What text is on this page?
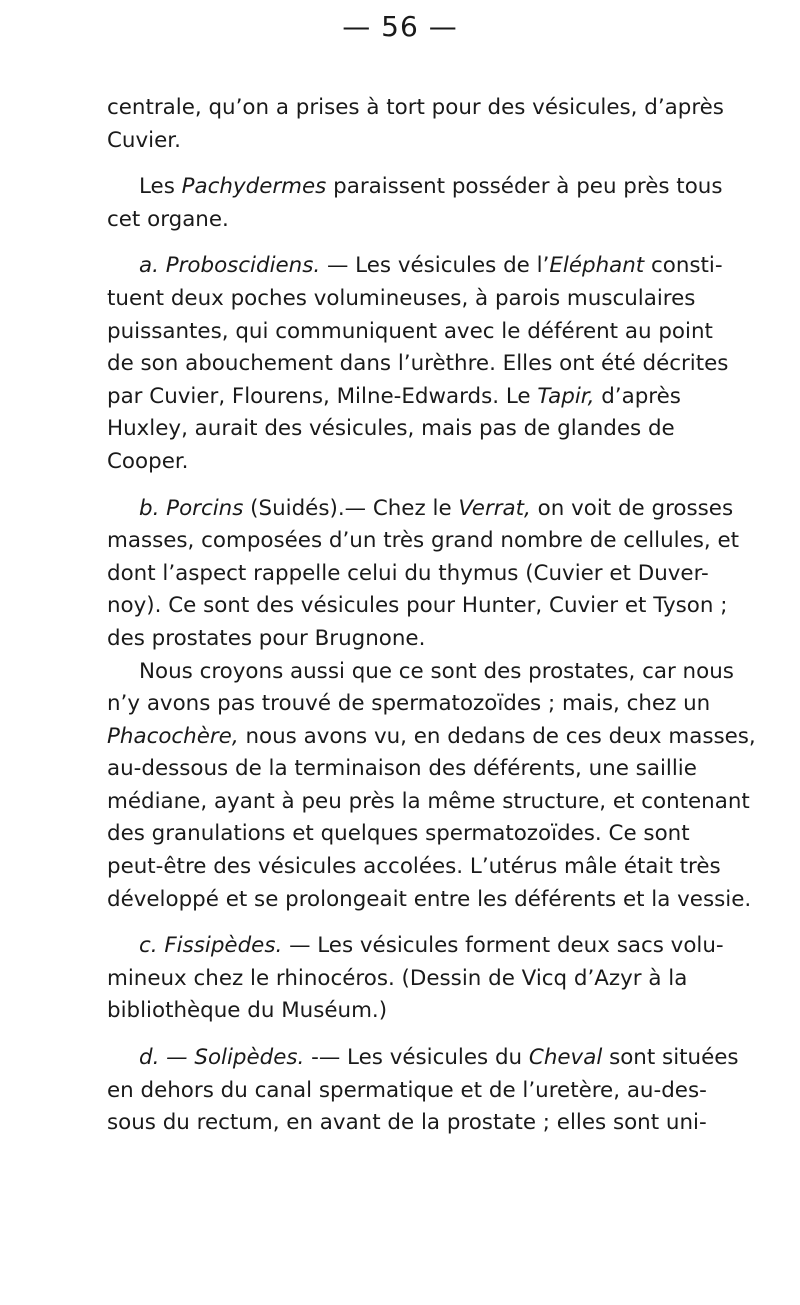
— 56 —
centrale, qu’on a prises à tort pour des vésicules, d’après
Cuvier.
Les Pachydermes paraissent posséder à peu près tous
cet organe.
a. Proboscidiens. — Les vésicules de l’Eléphant consti-
tuent deux poches volumineuses, à parois musculaires
puissantes, qui communiquent avec le déférent au point
de son abouchement dans l’urèthre. Elles ont été décrites
par Cuvier, Flourens, Milne-Edwards. Le Tapir, d’après
Huxley, aurait des vésicules, mais pas de glandes de
Cooper.
b. Porcins (Suidés).— Chez le Verrat, on voit de grosses
masses, composées d’un très grand nombre de cellules, et
dont l’aspect rappelle celui du thymus (Cuvier et Duver-
noy). Ce sont des vésicules pour Hunter, Cuvier et Tyson ;
des prostates pour Brugnone.
Nous croyons aussi que ce sont des prostates, car nous
n’y avons pas trouvé de spermatozoïdes ; mais, chez un
Phacochère, nous avons vu, en dedans de ces deux masses,
au-dessous de la terminaison des déférents, une saillie
médiane, ayant à peu près la même structure, et contenant
des granulations et quelques spermatozoïdes. Ce sont
peut-être des vésicules accolées. L’utérus mâle était très
développé et se prolongeait entre les déférents et la vessie.
c. Fissipèdes. — Les vésicules forment deux sacs volu-
mineux chez le rhinocéros. (Dessin de Vicq d’Azyr à la
bibliothèque du Muséum.)
d. — Solipèdes. -— Les vésicules du Cheval sont situées
en dehors du canal spermatique et de l’uretère, au-des-
sous du rectum, en avant de la prostate ; elles sont uni-
